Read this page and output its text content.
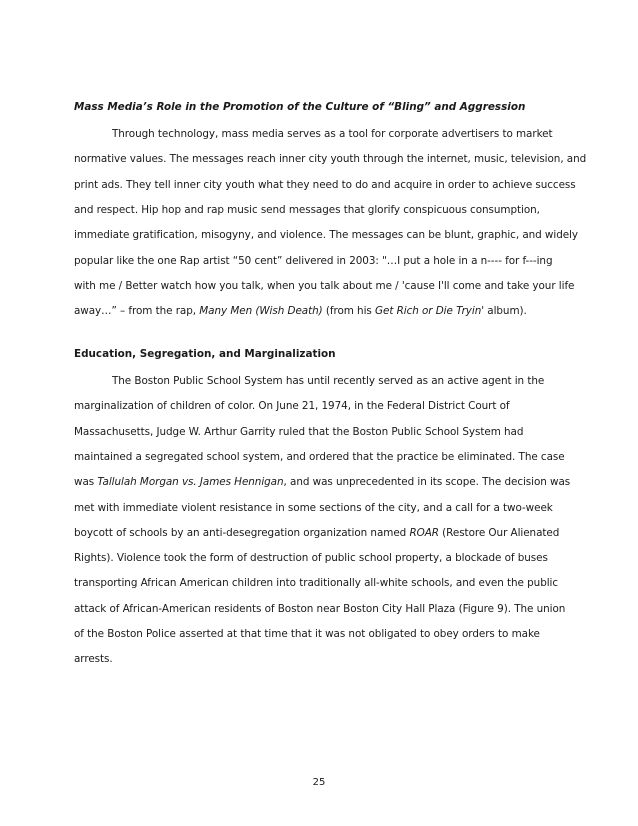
Mass Media’s Role in the Promotion of the Culture of “Bling” and Aggression
Through technology, mass media serves as a tool for corporate advertisers to market
normative values. The messages reach inner city youth through the internet, music, television, and
print ads. They tell inner city youth what they need to do and acquire in order to achieve success
and respect. Hip hop and rap music send messages that glorify conspicuous consumption,
immediate gratification, misogyny, and violence. The messages can be blunt, graphic, and widely
popular like the one Rap artist “50 cent” delivered in 2003: "…I put a hole in a n---- for f---ing
with me / Better watch how you talk, when you talk about me / 'cause I'll come and take your life
away…” – from the rap, Many Men (Wish Death) (from his Get Rich or Die Tryin' album).
Education, Segregation, and Marginalization
The Boston Public School System has until recently served as an active agent in the
marginalization of children of color. On June 21, 1974, in the Federal District Court of
Massachusetts, Judge W. Arthur Garrity ruled that the Boston Public School System had
maintained a segregated school system, and ordered that the practice be eliminated. The case
was Tallulah Morgan vs. James Hennigan, and was unprecedented in its scope. The decision was
met with immediate violent resistance in some sections of the city, and a call for a two-week
boycott of schools by an anti-desegregation organization named ROAR (Restore Our Alienated
Rights). Violence took the form of destruction of public school property, a blockade of buses
transporting African American children into traditionally all-white schools, and even the public
attack of African-American residents of Boston near Boston City Hall Plaza (Figure 9). The union
of the Boston Police asserted at that time that it was not obligated to obey orders to make
arrests.
25
